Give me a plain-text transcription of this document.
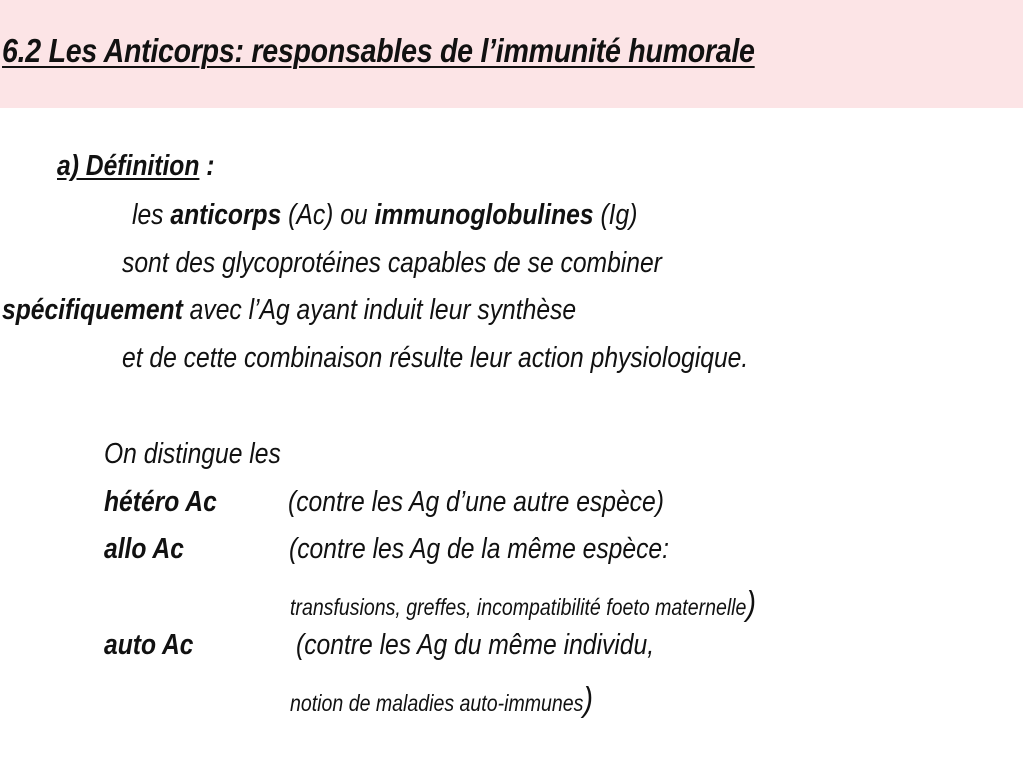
6.2 Les Anticorps: responsables de l’immunité humorale
a) Définition :
les anticorps (Ac) ou immunoglobulines (Ig)
sont des glycoprotéines capables de se combiner
spécifiquement avec l’Ag ayant induit leur synthèse
et de cette combinaison résulte leur action physiologique.
On distingue les
hétéro Ac (contre les Ag d’une autre espèce)
allo Ac	(contre les Ag de la même espèce:
transfusions, greffes, incompatibilité foeto maternelle)
auto Ac	(contre les Ag du même individu,
notion de maladies auto-immunes)
